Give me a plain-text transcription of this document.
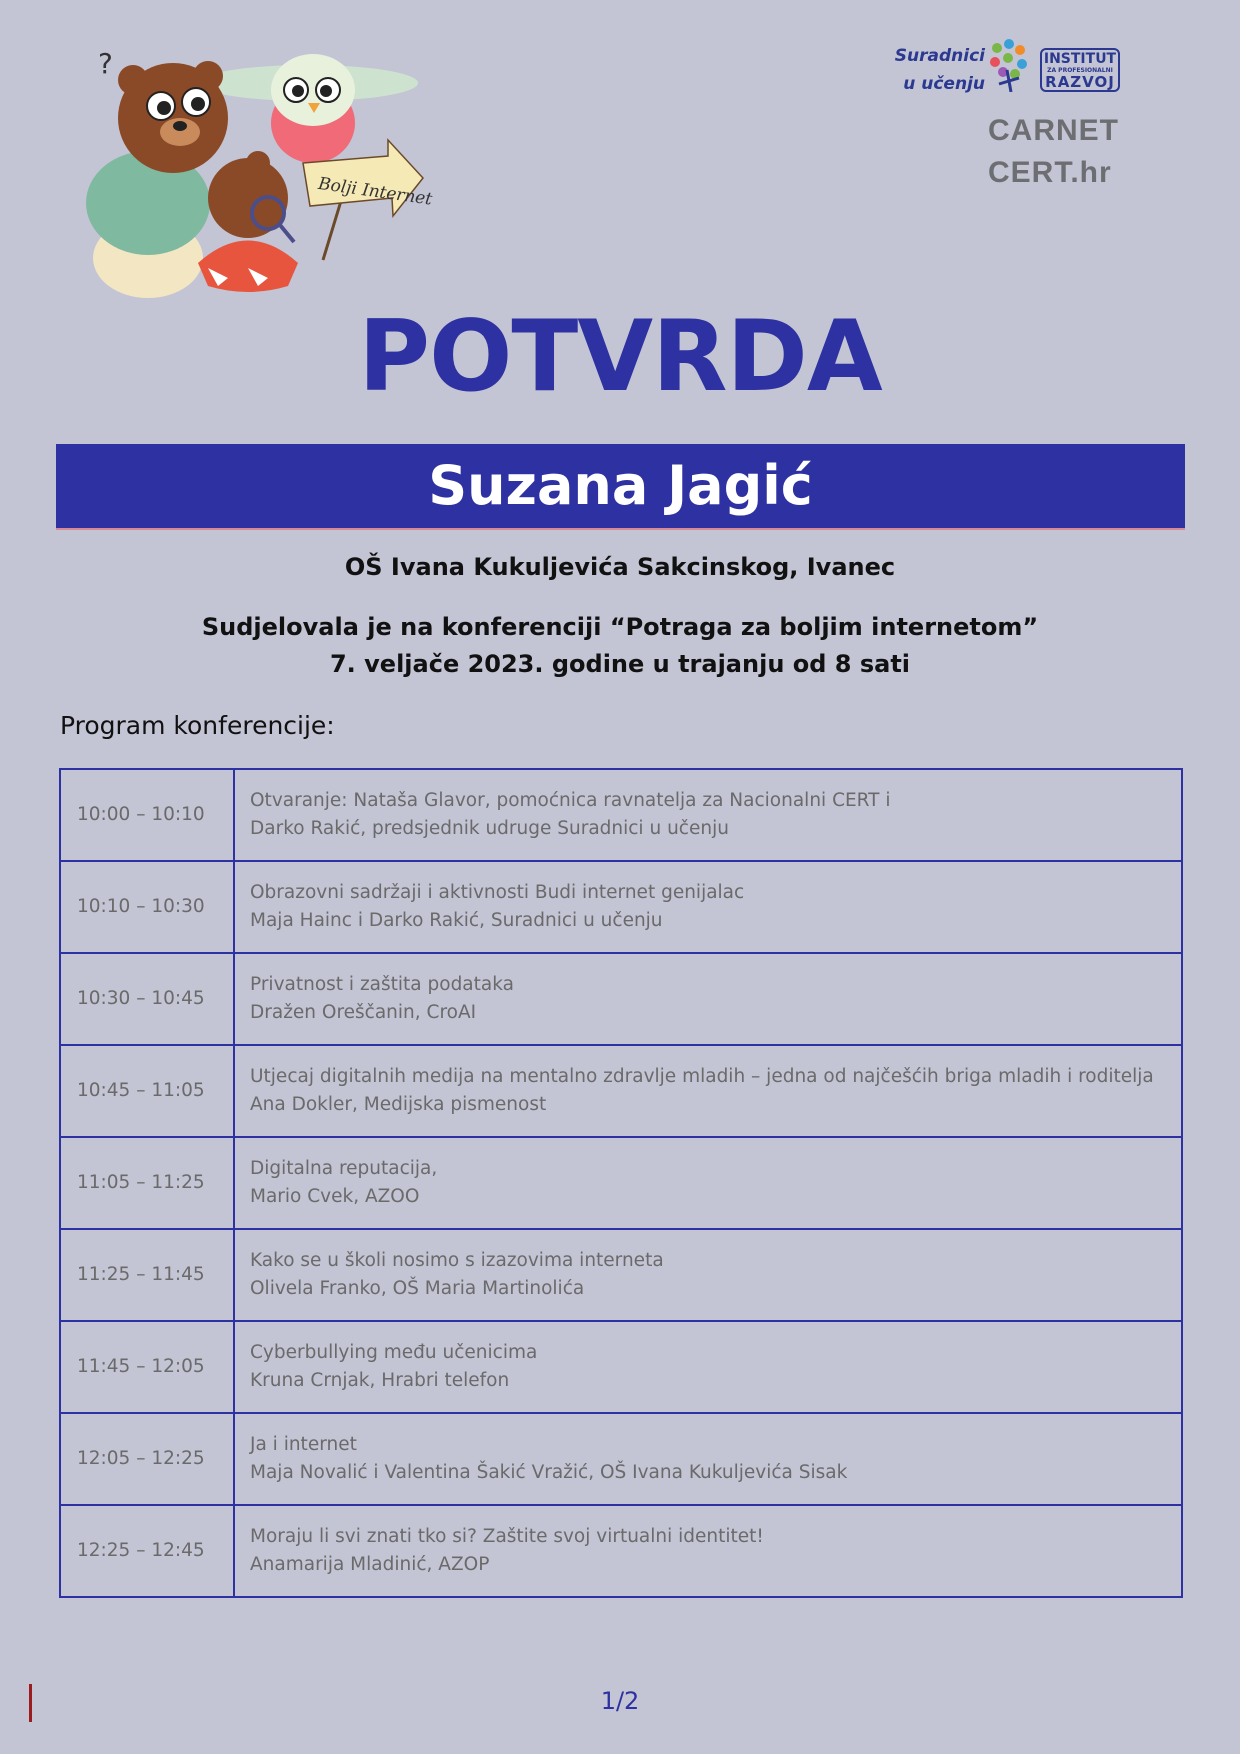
?
Bolji Internet
Suradnici
u učenju
INSTITUT
ZA PROFESIONALNI
RAZVOJ
CARNET
CERT.hr
POTVRDA
Suzana Jagić
OŠ Ivana Kukuljevića Sakcinskog, Ivanec
Sudjelovala je na konferenciji “Potraga za boljim internetom”
7. veljače 2023. godine u trajanju od 8 sati
Program konferencije:
10:00 – 10:10	Otvaranje: Nataša Glavor, pomoćnica ravnatelja za Nacionalni CERT i
Darko Rakić, predsjednik udruge Suradnici u učenju

10:10 – 10:30	Obrazovni sadržaji i aktivnosti Budi internet genijalac
Maja Hainc i Darko Rakić, Suradnici u učenju

10:30 – 10:45	Privatnost i zaštita podataka
Dražen Oreščanin, CroAI

10:45 – 11:05	Utjecaj digitalnih medija na mentalno zdravlje mladih – jedna od najčešćih briga mladih i roditelja
Ana Dokler, Medijska pismenost

11:05 – 11:25	Digitalna reputacija,
Mario Cvek, AZOO

11:25 – 11:45	Kako se u školi nosimo s izazovima interneta
Olivela Franko, OŠ Maria Martinolića

11:45 – 12:05	Cyberbullying među učenicima
Kruna Crnjak, Hrabri telefon

12:05 – 12:25	Ja i internet
Maja Novalić i Valentina Šakić Vražić, OŠ Ivana Kukuljevića Sisak

12:25 – 12:45	Moraju li svi znati tko si? Zaštite svoj virtualni identitet!
Anamarija Mladinić, AZOP
1/2
